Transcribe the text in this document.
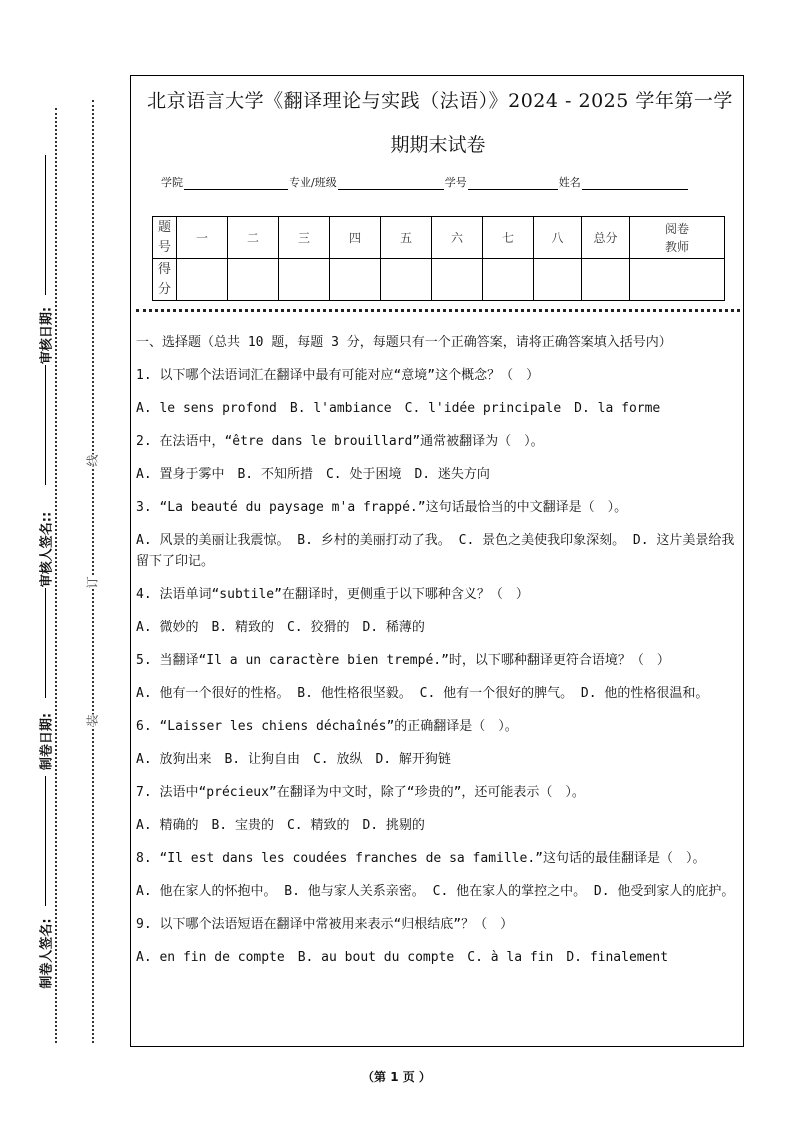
审核日期:
审核人签名::
制卷日期:
制卷人签名:
线
订
装
北京语言大学《翻译理论与实践（法语）》2024 - 2025 学年第一学
期期末试卷
学院	专业/班级	学号	姓名
题
号	一	二	三	四	五	六	七	八	总分	阅卷
教师
得
分										

一、选择题（总共 10 题，每题 3 分，每题只有一个正确答案，请将正确答案填入括号内）

1. 以下哪个法语词汇在翻译中最有可能对应“意境”这个概念？（　）

A. le sens profond　B. l'ambiance　C. l'idée principale　D. la forme

2. 在法语中，“être dans le brouillard”通常被翻译为（　）。

A. 置身于雾中　B. 不知所措　C. 处于困境　D. 迷失方向

3. “La beauté du paysage m'a frappé.”这句话最恰当的中文翻译是（　）。

A. 风景的美丽让我震惊。 B. 乡村的美丽打动了我。 C. 景色之美使我印象深刻。 D. 这片美景给我留下了印记。

4. 法语单词“subtile”在翻译时，更侧重于以下哪种含义？（　）

A. 微妙的　B. 精致的　C. 狡猾的　D. 稀薄的

5. 当翻译“Il a un caractère bien trempé.”时，以下哪种翻译更符合语境？（　）

A. 他有一个很好的性格。 B. 他性格很坚毅。 C. 他有一个很好的脾气。 D. 他的性格很温和。

6. “Laisser les chiens déchaînés”的正确翻译是（　）。

A. 放狗出来　B. 让狗自由　C. 放纵　D. 解开狗链

7. 法语中“précieux”在翻译为中文时，除了“珍贵的”，还可能表示（　）。

A. 精确的　B. 宝贵的　C. 精致的　D. 挑剔的

8. “Il est dans les coudées franches de sa famille.”这句话的最佳翻译是（　）。

A. 他在家人的怀抱中。 B. 他与家人关系亲密。 C. 他在家人的掌控之中。 D. 他受到家人的庇护。

9. 以下哪个法语短语在翻译中常被用来表示“归根结底”？（　）

A. en fin de compte　B. au bout du compte　C. à la fin　D. finalement

（第 1 页 ）
